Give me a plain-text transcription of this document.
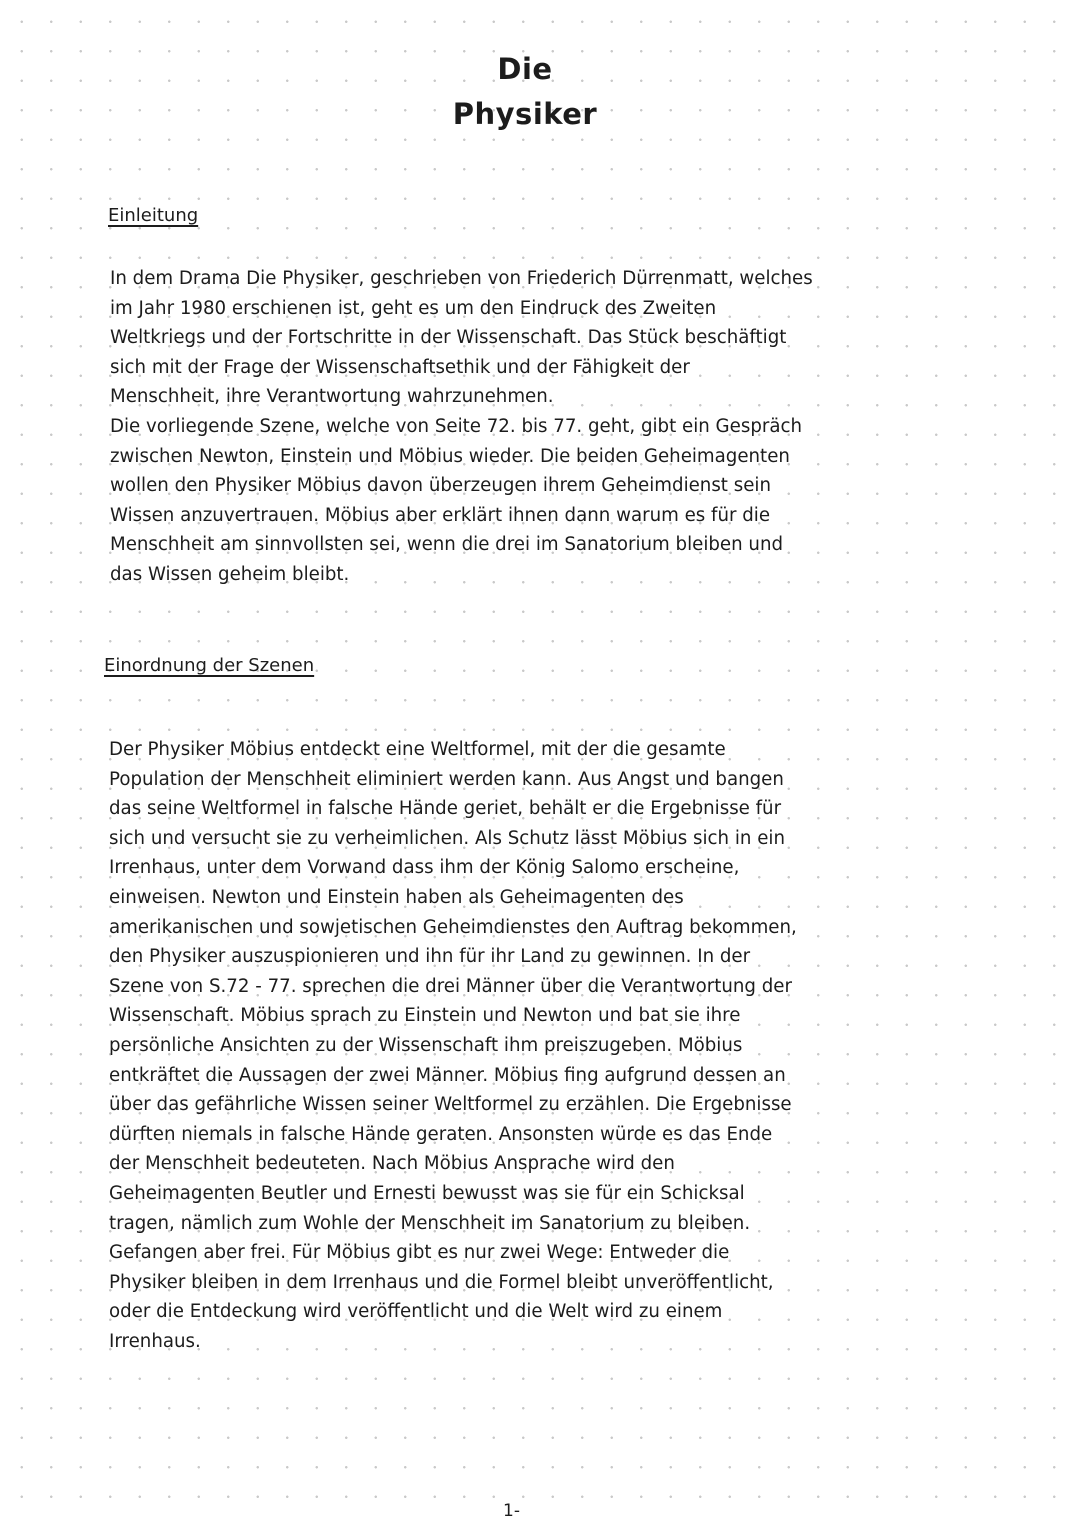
Die
Physiker
Einleitung

In dem Drama Die Physiker, geschrieben von Friederich Dürrenmatt, welches
im Jahr 1980 erschienen ist, geht es um den Eindruck des Zweiten
Weltkriegs und der Fortschritte in der Wissenschaft. Das Stück beschäftigt
sich mit der Frage der Wissenschaftsethik und der Fähigkeit der
Menschheit, ihre Verantwortung wahrzunehmen.
Die vorliegende Szene, welche von Seite 72. bis 77. geht, gibt ein Gespräch
zwischen Newton, Einstein und Möbius wieder. Die beiden Geheimagenten
wollen den Physiker Möbius davon überzeugen ihrem Geheimdienst sein
Wissen anzuvertrauen. Möbius aber erklärt ihnen dann warum es für die
Menschheit am sinnvollsten sei, wenn die drei im Sanatorium bleiben und
das Wissen geheim bleibt.

Einordnung der Szenen

Der Physiker Möbius entdeckt eine Weltformel, mit der die gesamte
Population der Menschheit eliminiert werden kann. Aus Angst und bangen
das seine Weltformel in falsche Hände geriet, behält er die Ergebnisse für
sich und versucht sie zu verheimlichen. Als Schutz lässt Möbius sich in ein
Irrenhaus, unter dem Vorwand dass ihm der König Salomo erscheine,
einweisen. Newton und Einstein haben als Geheimagenten des
amerikanischen und sowjetischen Geheimdienstes den Auftrag bekommen,
den Physiker auszuspionieren und ihn für ihr Land zu gewinnen. In der
Szene von S.72 - 77. sprechen die drei Männer über die Verantwortung der
Wissenschaft. Möbius sprach zu Einstein und Newton und bat sie ihre
persönliche Ansichten zu der Wissenschaft ihm preiszugeben. Möbius
entkräftet die Aussagen der zwei Männer. Möbius fing aufgrund dessen an
über das gefährliche Wissen seiner Weltformel zu erzählen. Die Ergebnisse
dürften niemals in falsche Hände geraten. Ansonsten würde es das Ende
der Menschheit bedeuteten. Nach Möbius Ansprache wird den
Geheimagenten Beutler und Ernesti bewusst was sie für ein Schicksal
tragen, nämlich zum Wohle der Menschheit im Sanatorium zu bleiben.
Gefangen aber frei. Für Möbius gibt es nur zwei Wege: Entweder die
Physiker bleiben in dem Irrenhaus und die Formel bleibt unveröffentlicht,
oder die Entdeckung wird veröffentlicht und die Welt wird zu einem
Irrenhaus.

1-
